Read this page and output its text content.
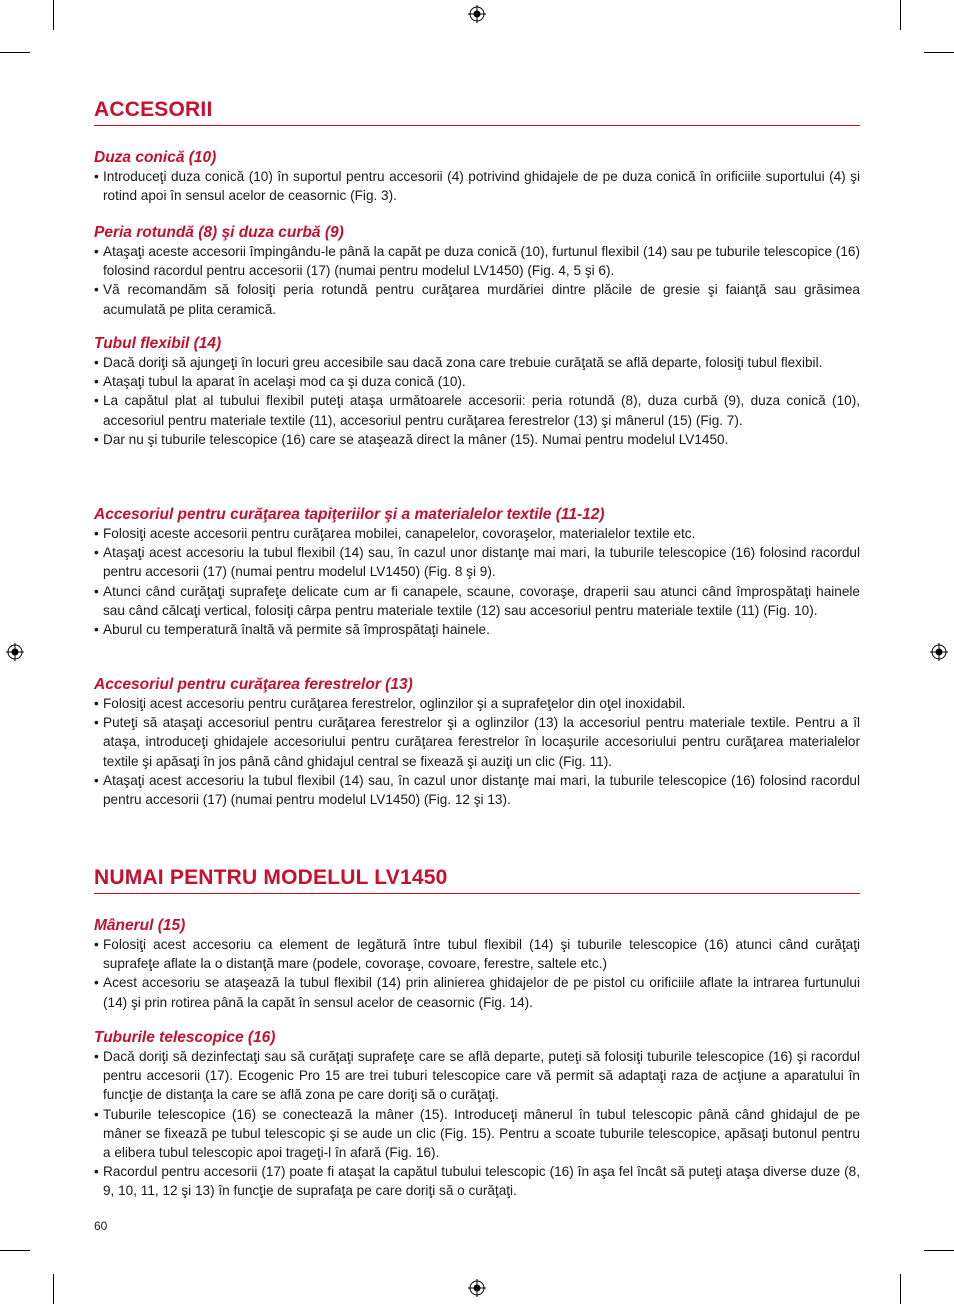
ACCESORII
Duza conică (10)
• Introduceţi duza conică (10) în suportul pentru accesorii (4) potrivind ghidajele de pe duza conică în orificiile suportului (4) şi rotind apoi în sensul acelor de ceasornic (Fig. 3).
Peria rotundă (8) şi duza curbă (9)
• Ataşaţi aceste accesorii împingându-le până la capăt pe duza conică (10), furtunul flexibil (14) sau pe tuburile telescopice (16) folosind racordul pentru accesorii (17) (numai pentru modelul LV1450) (Fig. 4, 5 şi 6).
• Vă recomandăm să folosiţi peria rotundă pentru curăţarea murdăriei dintre plăcile de gresie şi faianţă sau grăsimea acumulată pe plita ceramică.
Tubul flexibil (14)
• Dacă doriţi să ajungeţi în locuri greu accesibile sau dacă zona care trebuie curăţată se află departe, folosiţi tubul flexibil.
• Ataşaţi tubul la aparat în acelaşi mod ca şi duza conică (10).
• La capătul plat al tubului flexibil puteţi ataşa următoarele accesorii: peria rotundă (8), duza curbă (9), duza conică (10), accesoriul pentru materiale textile (11), accesoriul pentru curăţarea ferestrelor (13) şi mânerul (15) (Fig. 7).
• Dar nu şi tuburile telescopice (16) care se ataşează direct la mâner (15). Numai pentru modelul LV1450.
Accesoriul pentru curăţarea tapiţeriilor şi a materialelor textile (11-12)
• Folosiţi aceste accesorii pentru curăţarea mobilei, canapelelor, covoraşelor, materialelor textile etc.
• Ataşaţi acest accesoriu la tubul flexibil (14) sau, în cazul unor distanţe mai mari, la tuburile telescopice (16) folosind racordul pentru accesorii (17) (numai pentru modelul LV1450) (Fig. 8 şi 9).
• Atunci când curăţaţi suprafeţe delicate cum ar fi canapele, scaune, covoraşe, draperii sau atunci când împrospătaţi hainele sau când călcaţi vertical, folosiţi cârpa pentru materiale textile (12) sau accesoriul pentru materiale textile (11) (Fig. 10).
• Aburul cu temperatură înaltă vă permite să împrospătaţi hainele.
Accesoriul pentru curăţarea ferestrelor (13)
• Folosiţi acest accesoriu pentru curăţarea ferestrelor, oglinzilor şi a suprafeţelor din oţel inoxidabil.
• Puteţi să ataşaţi accesoriul pentru curăţarea ferestrelor şi a oglinzilor (13) la accesoriul pentru materiale textile. Pentru a îl ataşa, introduceţi ghidajele accesoriului pentru curăţarea ferestrelor în locaşurile accesoriului pentru curăţarea materialelor textile şi apăsaţi în jos până când ghidajul central se fixează şi auziţi un clic (Fig. 11).
• Ataşaţi acest accesoriu la tubul flexibil (14) sau, în cazul unor distanţe mai mari, la tuburile telescopice (16) folosind racordul pentru accesorii (17) (numai pentru modelul LV1450) (Fig. 12 şi 13).
NUMAI PENTRU MODELUL LV1450
Mânerul (15)
• Folosiţi acest accesoriu ca element de legătură între tubul flexibil (14) şi tuburile telescopice (16) atunci când curăţaţi suprafeţe aflate la o distanţă mare (podele, covoraşe, covoare, ferestre, saltele etc.)
• Acest accesoriu se ataşează la tubul flexibil (14) prin alinierea ghidajelor de pe pistol cu orificiile aflate la intrarea furtunului (14) şi prin rotirea până la capăt în sensul acelor de ceasornic (Fig. 14).
Tuburile telescopice (16)
• Dacă doriţi să dezinfectaţi sau să curăţaţi suprafeţe care se află departe, puteţi să folosiţi tuburile telescopice (16) şi racordul pentru accesorii (17). Ecogenic Pro 15 are trei tuburi telescopice care vă permit să adaptaţi raza de acţiune a aparatului în funcţie de distanţa la care se află zona pe care doriţi să o curăţaţi.
• Tuburile telescopice (16) se conectează la mâner (15). Introduceţi mânerul în tubul telescopic până când ghidajul de pe mâner se fixează pe tubul telescopic şi se aude un clic (Fig. 15). Pentru a scoate tuburile telescopice, apăsaţi butonul pentru a elibera tubul telescopic apoi trageţi-l în afară (Fig. 16).
• Racordul pentru accesorii (17) poate fi ataşat la capătul tubului telescopic (16) în aşa fel încât să puteţi ataşa diverse duze (8, 9, 10, 11, 12 şi 13) în funcţie de suprafaţa pe care doriţi să o curăţaţi.
60
